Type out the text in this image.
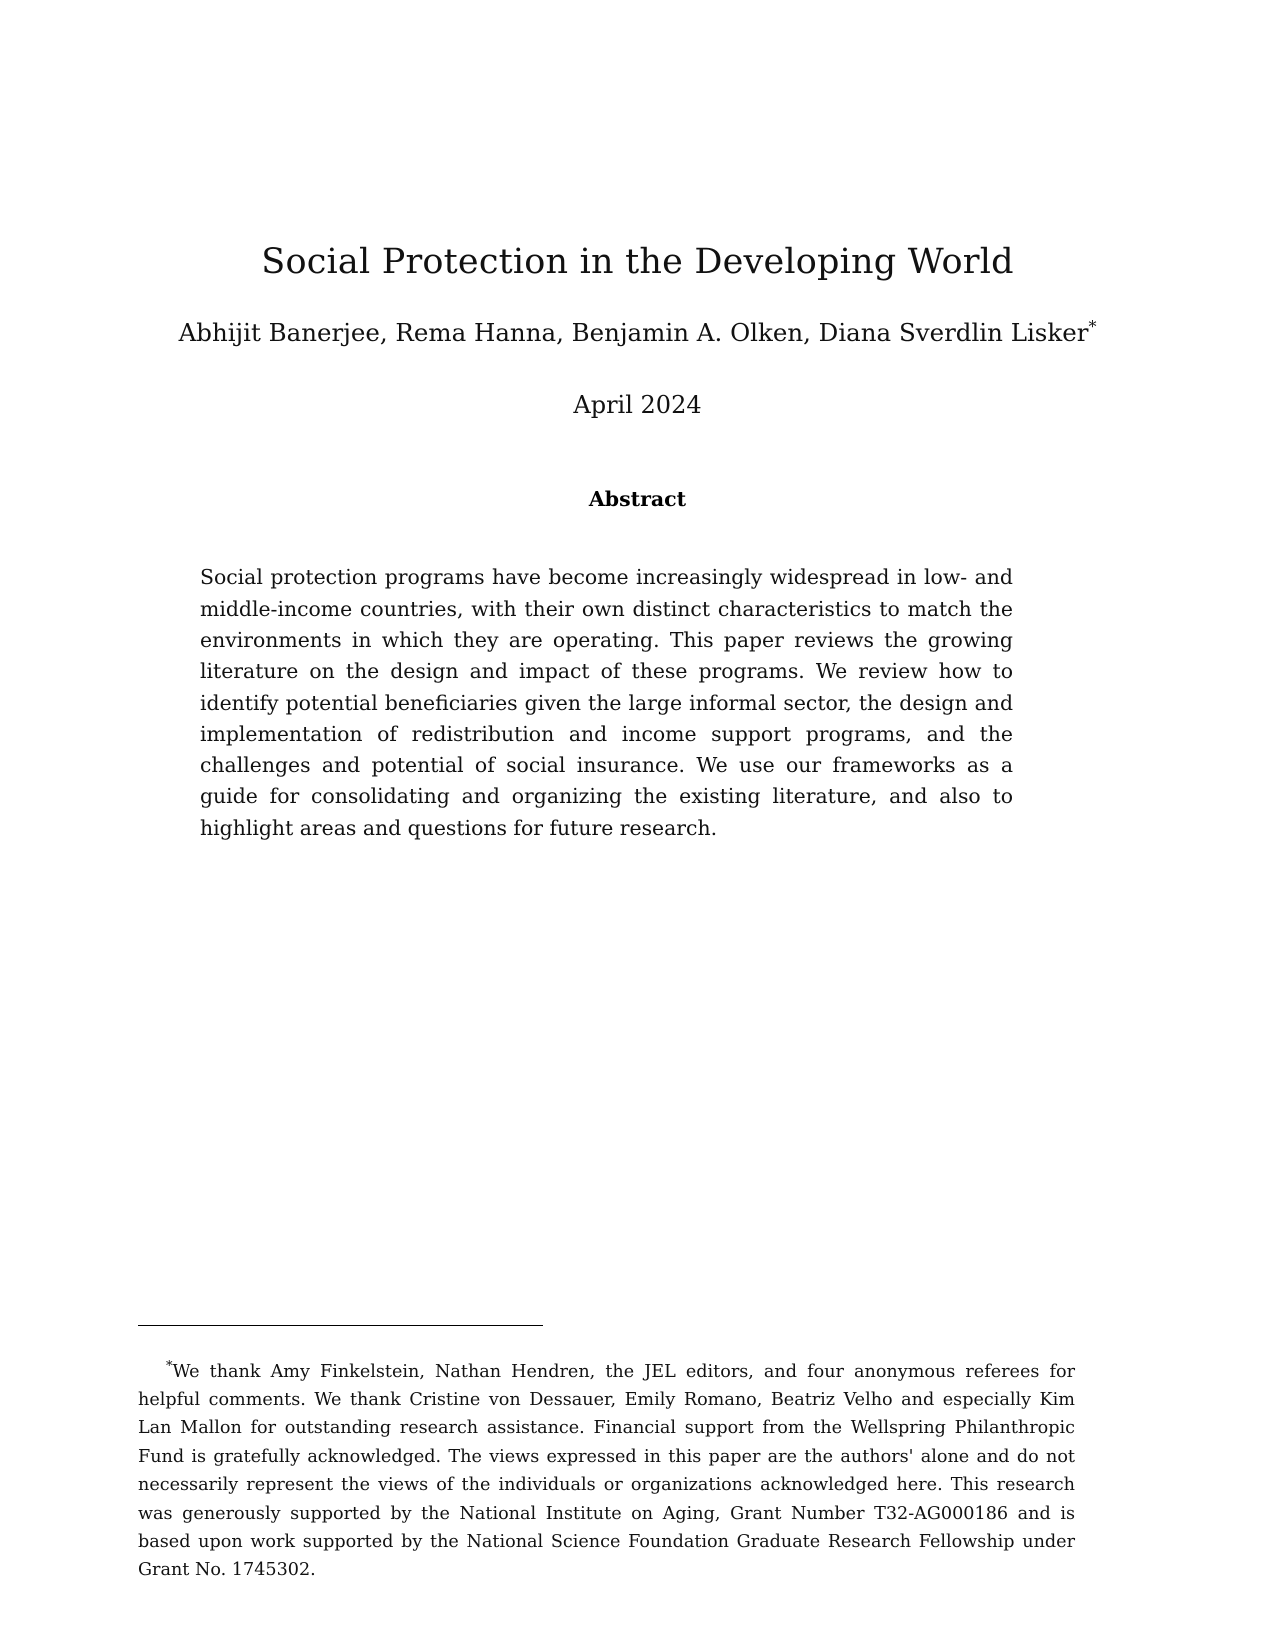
Social Protection in the Developing World
Abhijit Banerjee, Rema Hanna, Benjamin A. Olken, Diana Sverdlin Lisker*
April 2024
Abstract

Social protection programs have become increasingly widespread in low- and middle-income countries, with their own distinct characteristics to match the environments in which they are operating. This paper reviews the growing literature on the design and impact of these programs. We review how to identify potential beneficiaries given the large informal sector, the design and implementation of redistribution and income support programs, and the challenges and potential of social insurance. We use our frameworks as a guide for consolidating and organizing the existing literature, and also to highlight areas and questions for future research.

*We thank Amy Finkelstein, Nathan Hendren, the JEL editors, and four anonymous referees for helpful comments. We thank Cristine von Dessauer, Emily Romano, Beatriz Velho and especially Kim Lan Mallon for outstanding research assistance. Financial support from the Wellspring Philanthropic Fund is gratefully acknowledged. The views expressed in this paper are the authors' alone and do not necessarily represent the views of the individuals or organizations acknowledged here. This research was generously supported by the National Institute on Aging, Grant Number T32-AG000186 and is based upon work supported by the National Science Foundation Graduate Research Fellowship under Grant No. 1745302.
